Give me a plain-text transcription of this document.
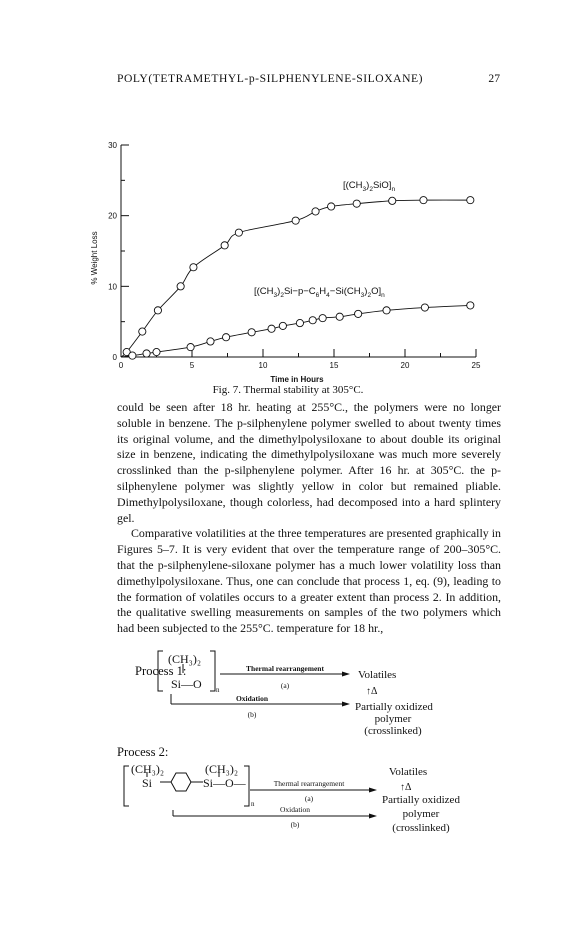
POLY(TETRAMETHYL-p-SILPHENYLENE-SILOXANE)	27
0	5	10	15	20	25
0
10
20
30
Time in Hours
% Weight Loss
$[(CH_3)_2SiO]_n$
$[(CH_3)_2Si-p-C_6H_4-Si(CH_3)_2O]_n$
Fig. 7. Thermal stability at 305°C.

could be seen after 18 hr. heating at 255°C., the polymers were no longer soluble in benzene. The p-silphenylene polymer swelled to about twenty times its original volume, and the dimethylpolysiloxane to about double its original size in benzene, indicating the dimethylpolysiloxane was much more severely crosslinked than the p-silphenylene polymer. After 16 hr. at 305°C. the p-silphenylene polymer was slightly yellow in color but remained pliable. Dimethylpolysiloxane, though colorless, had decomposed into a hard splintery gel.

Comparative volatilities at the three temperatures are presented graphically in Figures 5–7. It is very evident that over the temperature range of 200–305°C. that the p-silphenylene-siloxane polymer has a much lower volatility loss than dimethylpolysiloxane. Thus, one can conclude that process 1, eq. (9), leading to the formation of volatiles occurs to a greater extent than process 2. In addition, the qualitative swelling measurements on samples of the two polymers which had been subjected to the 255°C. temperature for 18 hr.,

Process 1:
(CH₃)₂
Si—O n
Thermal rearrangement
(a)
Volatiles
↑Δ
Oxidation
(b)
Partially oxidized
polymer
(crosslinked)
Process 2:
(CH₃)₂
Si
(CH₃)₂
Si—O—
n
Thermal rearrangement
(a)
Volatiles
↑Δ
Oxidation
(b)
Partially oxidized
polymer
(crosslinked)
